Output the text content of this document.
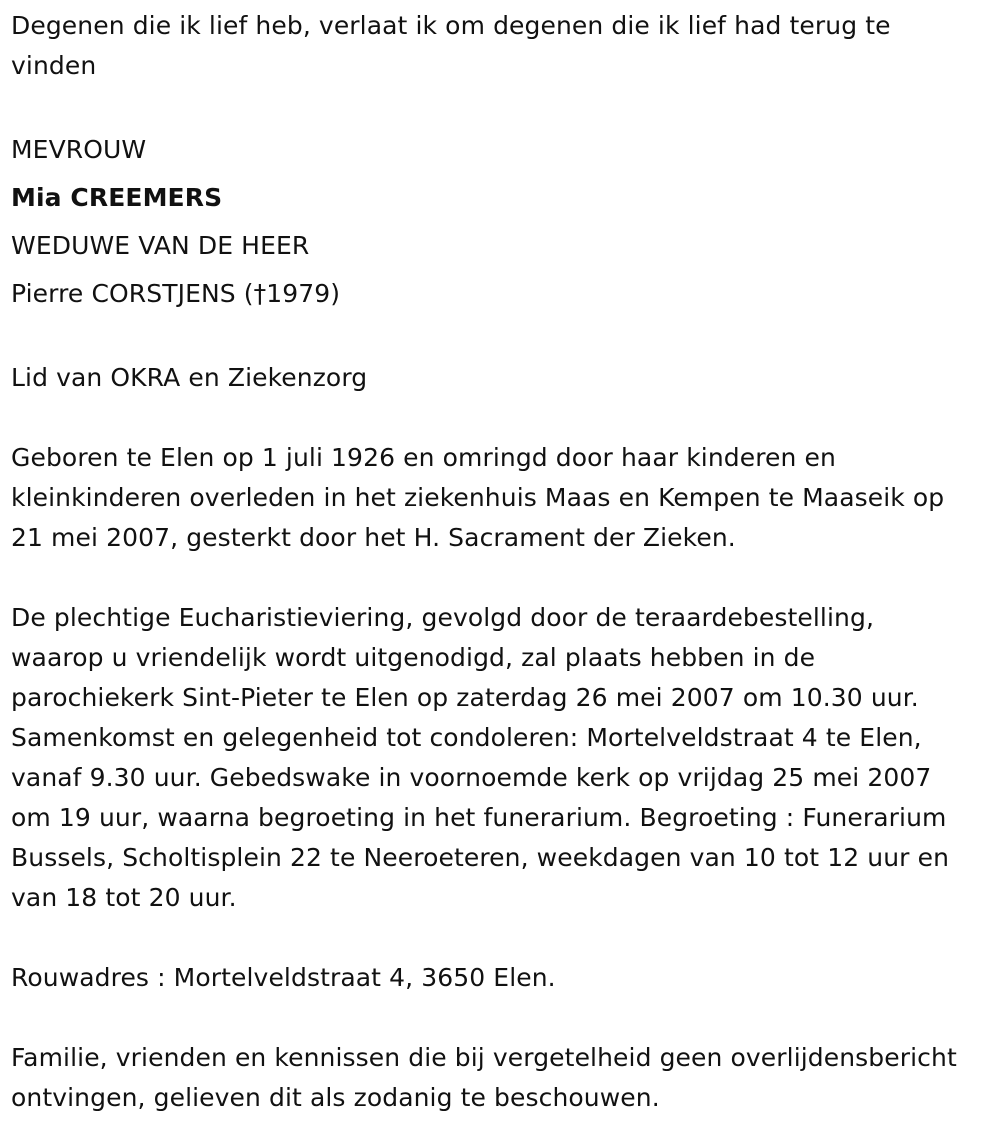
Degenen die ik lief heb, verlaat ik om degenen die ik lief had terug te vinden

MEVROUW

Mia CREEMERS

WEDUWE VAN DE HEER

Pierre CORSTJENS (†1979)

Lid van OKRA en Ziekenzorg

Geboren te Elen op 1 juli 1926 en omringd door haar kinderen en kleinkinderen overleden in het ziekenhuis Maas en Kempen te Maaseik op 21 mei 2007, gesterkt door het H. Sacrament der Zieken.

De plechtige Eucharistieviering, gevolgd door de teraardebestelling, waarop u vriendelijk wordt uitgenodigd, zal plaats hebben in de parochiekerk Sint-Pieter te Elen op zaterdag 26 mei 2007 om 10.30 uur. Samenkomst en gelegenheid tot condoleren: Mortelveldstraat 4 te Elen, vanaf 9.30 uur. Gebedswake in voornoemde kerk op vrijdag 25 mei 2007 om 19 uur, waarna begroeting in het funerarium. Begroeting : Funerarium Bussels, Scholtisplein 22 te Neeroeteren, weekdagen van 10 tot 12 uur en van 18 tot 20 uur.

Rouwadres : Mortelveldstraat 4, 3650 Elen.

Familie, vrienden en kennissen die bij vergetelheid geen overlijdensbericht ontvingen, gelieven dit als zodanig te beschouwen.
